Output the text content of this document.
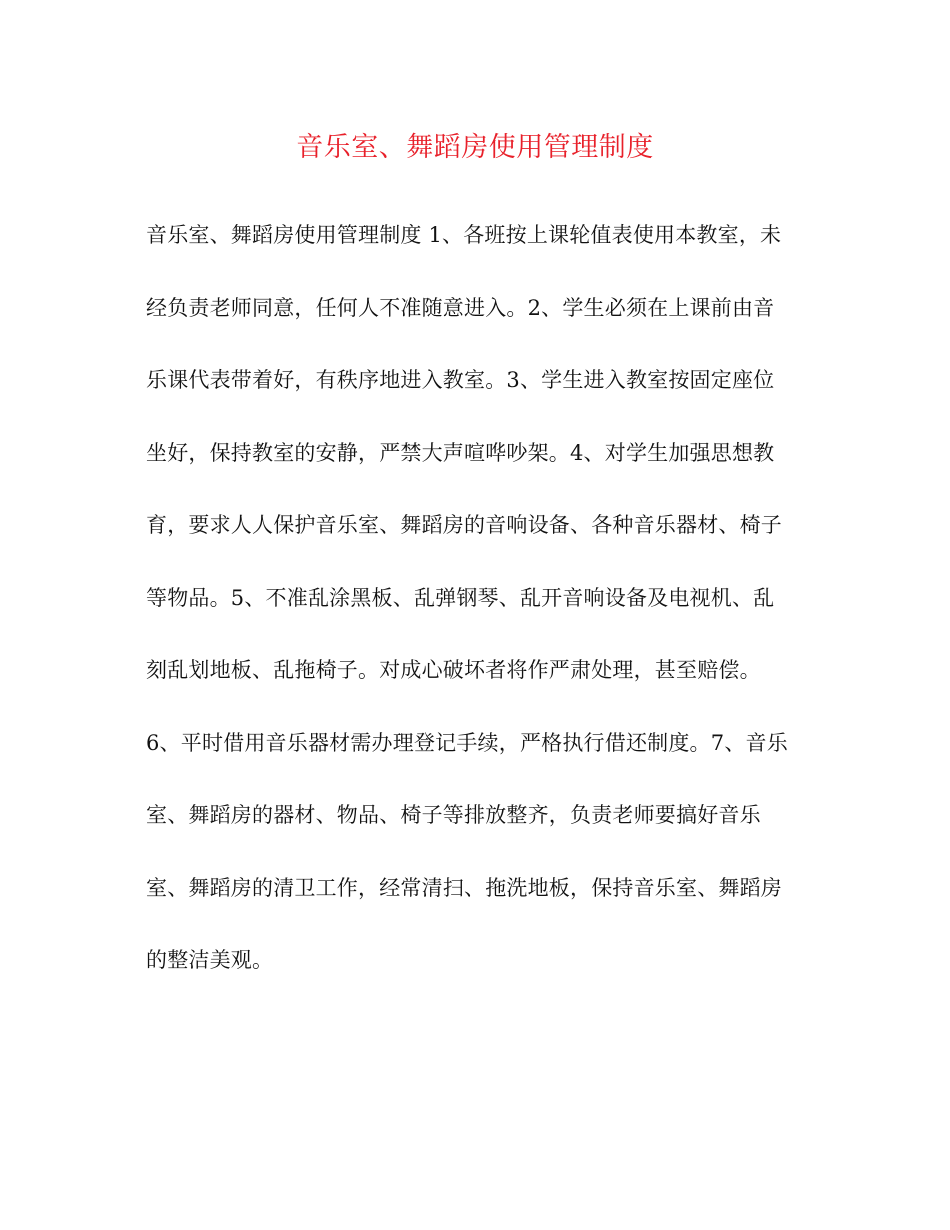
音乐室、舞蹈房使用管理制度
音乐室、舞蹈房使用管理制度 1、各班按上课轮值表使用本教室，未
经负责老师同意，任何人不准随意进入。2、学生必须在上课前由音
乐课代表带着好，有秩序地进入教室。3、学生进入教室按固定座位
坐好，保持教室的安静，严禁大声喧哗吵架。4、对学生加强思想教
育，要求人人保护音乐室、舞蹈房的音响设备、各种音乐器材、椅子
等物品。5、不准乱涂黑板、乱弹钢琴、乱开音响设备及电视机、乱
刻乱划地板、乱拖椅子。对成心破坏者将作严肃处理，甚至赔偿。
6、平时借用音乐器材需办理登记手续，严格执行借还制度。7、音乐
室、舞蹈房的器材、物品、椅子等排放整齐，负责老师要搞好音乐
室、舞蹈房的清卫工作，经常清扫、拖洗地板，保持音乐室、舞蹈房
的整洁美观。
